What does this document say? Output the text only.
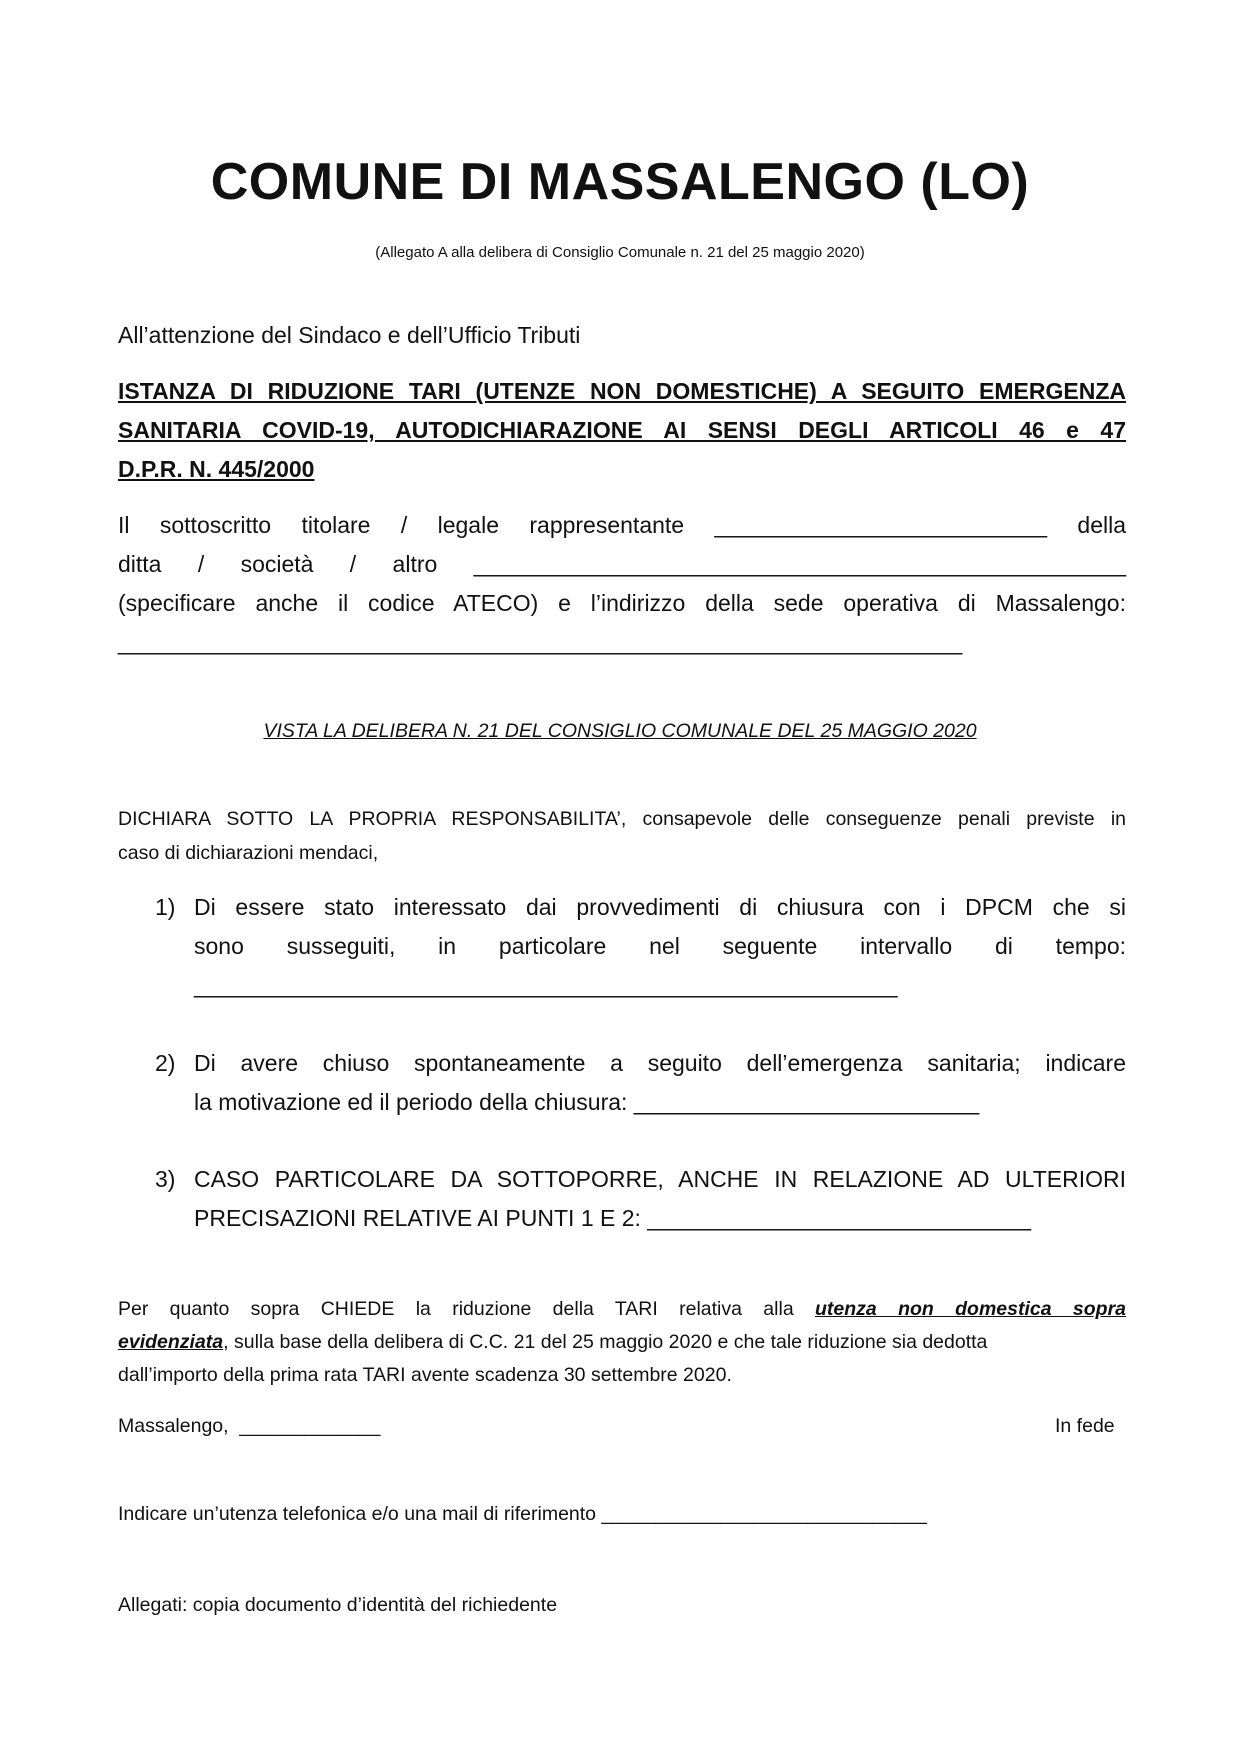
COMUNE DI MASSALENGO (LO)
(Allegato A alla delibera di Consiglio Comunale n. 21 del 25 maggio 2020)
All’attenzione del Sindaco e dell’Ufficio Tributi
ISTANZA DI RIDUZIONE TARI (UTENZE NON DOMESTICHE) A SEGUITO EMERGENZA
SANITARIA COVID-19, AUTODICHIARAZIONE AI SENSI DEGLI ARTICOLI 46 e 47
D.P.R. N. 445/2000
Il sottoscritto titolare / legale rappresentante __________________________ della
ditta / società / altro ___________________________________________________
(specificare anche il codice ATECO) e l’indirizzo della sede operativa di Massalengo:
__________________________________________________________________
VISTA LA DELIBERA N. 21 DEL CONSIGLIO COMUNALE DEL 25 MAGGIO 2020
DICHIARA SOTTO LA PROPRIA RESPONSABILITA’, consapevole delle conseguenze penali previste in
caso di dichiarazioni mendaci,
1) Di essere stato interessato dai provvedimenti di chiusura con i DPCM che si
sono susseguiti, in particolare nel seguente intervallo di tempo:
_______________________________________________________
2) Di avere chiuso spontaneamente a seguito dell’emergenza sanitaria; indicare
la motivazione ed il periodo della chiusura: ___________________________
3) CASO PARTICOLARE DA SOTTOPORRE, ANCHE IN RELAZIONE AD ULTERIORI
PRECISAZIONI RELATIVE AI PUNTI 1 E 2: ______________________________
Per quanto sopra CHIEDE la riduzione della TARI relativa alla utenza non domestica sopra
evidenziata, sulla base della delibera di C.C. 21 del 25 maggio 2020 e che tale riduzione sia dedotta
dall’importo della prima rata TARI avente scadenza 30 settembre 2020.
Massalengo,  _____________	In fede
Indicare un’utenza telefonica e/o una mail di riferimento ______________________________
Allegati: copia documento d’identità del richiedente
